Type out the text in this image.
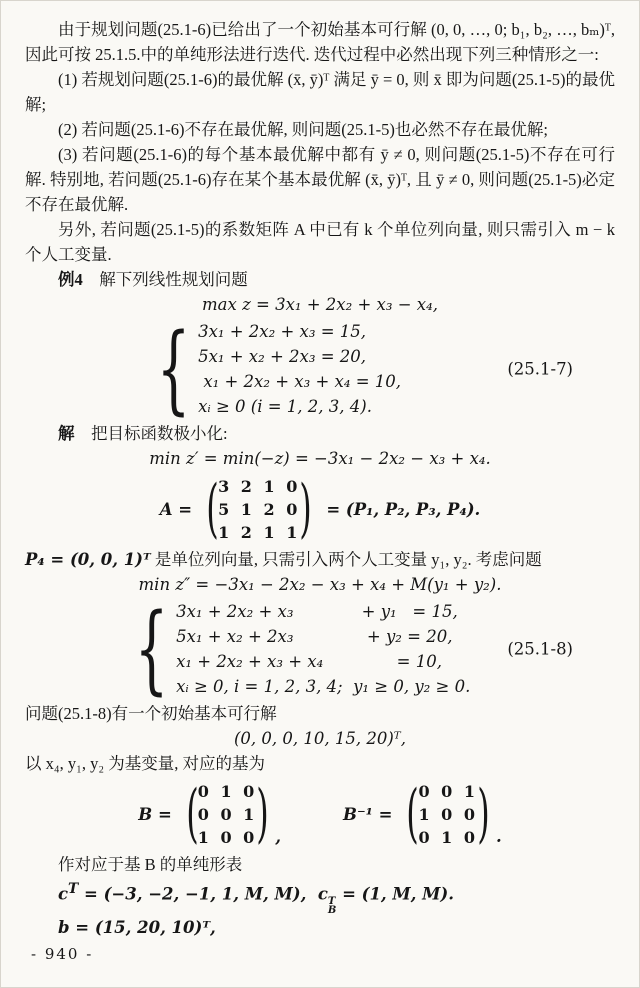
由于规划问题(25.1-6)已给出了一个初始基本可行解 (0, 0, …, 0; b₁, b₂, …, bₘ)ᵀ, 因此可按 25.1.5.中的单纯形法进行迭代. 迭代过程中必然出现下列三种情形之一:

(1) 若规划问题(25.1-6)的最优解 (x̄, ȳ)ᵀ 满足 ȳ = 0, 则 x̄ 即为问题(25.1-5)的最优解;

(2) 若问题(25.1-6)不存在最优解, 则问题(25.1-5)也必然不存在最优解;

(3) 若问题(25.1-6)的每个基本最优解中都有 ȳ ≠ 0, 则问题(25.1-5)不存在可行解. 特别地, 若问题(25.1-6)存在某个基本最优解 (x̄, ȳ)ᵀ, 且 ȳ ≠ 0, 则问题(25.1-5)必定不存在最优解.

另外, 若问题(25.1-5)的系数矩阵 A 中已有 k 个单位列向量, 则只需引入 m − k 个人工变量.

例4　 解下列线性规划问题

max z = 3x₁ + 2x₂ + x₃ − x₄,
{ 3x₁ + 2x₂ + x₃ = 15,
5x₁ + x₂ + 2x₃ = 20,
x₁ + 2x₂ + x₃ + x₄ = 10,
xᵢ ≥ 0 (i = 1, 2, 3, 4).
(25.1-7)

解　 把目标函数极小化:

min z′ = min(−z) = −3x₁ − 2x₂ − x₃ + x₄.
A = ( 3 2 1 0
5 1 2 0
1 2 1 1 ) = (P₁, P₂, P₃, P₄).

P₄ = (0, 0, 1)ᵀ 是单位列向量, 只需引入两个人工变量 y₁, y₂. 考虑问题

min z″ = −3x₁ − 2x₂ − x₃ + x₄ + M(y₁ + y₂).
{ 3x₁ + 2x₂ + x₃             + y₁   = 15,
5x₁ + x₂ + 2x₃              + y₂ = 20,
x₁ + 2x₂ + x₃ + x₄              = 10,
xᵢ ≥ 0, i = 1, 2, 3, 4;  y₁ ≥ 0, y₂ ≥ 0.
(25.1-8)

问题(25.1-8)有一个初始基本可行解

(0, 0, 0, 10, 15, 20)ᵀ,

以 x₄, y₁, y₂ 为基变量, 对应的基为

B = ( 0 1 0
0 0 1
1 0 0 ) ,
B⁻¹ = ( 0 0 1
1 0 0
0 1 0 ) .

作对应于基 B 的单纯形表

$c^T = (-3$, −2, −1, 1, M, M),  c T
B
= (1, M, M).
b = (15, 20, 10)ᵀ,
- 940 -
